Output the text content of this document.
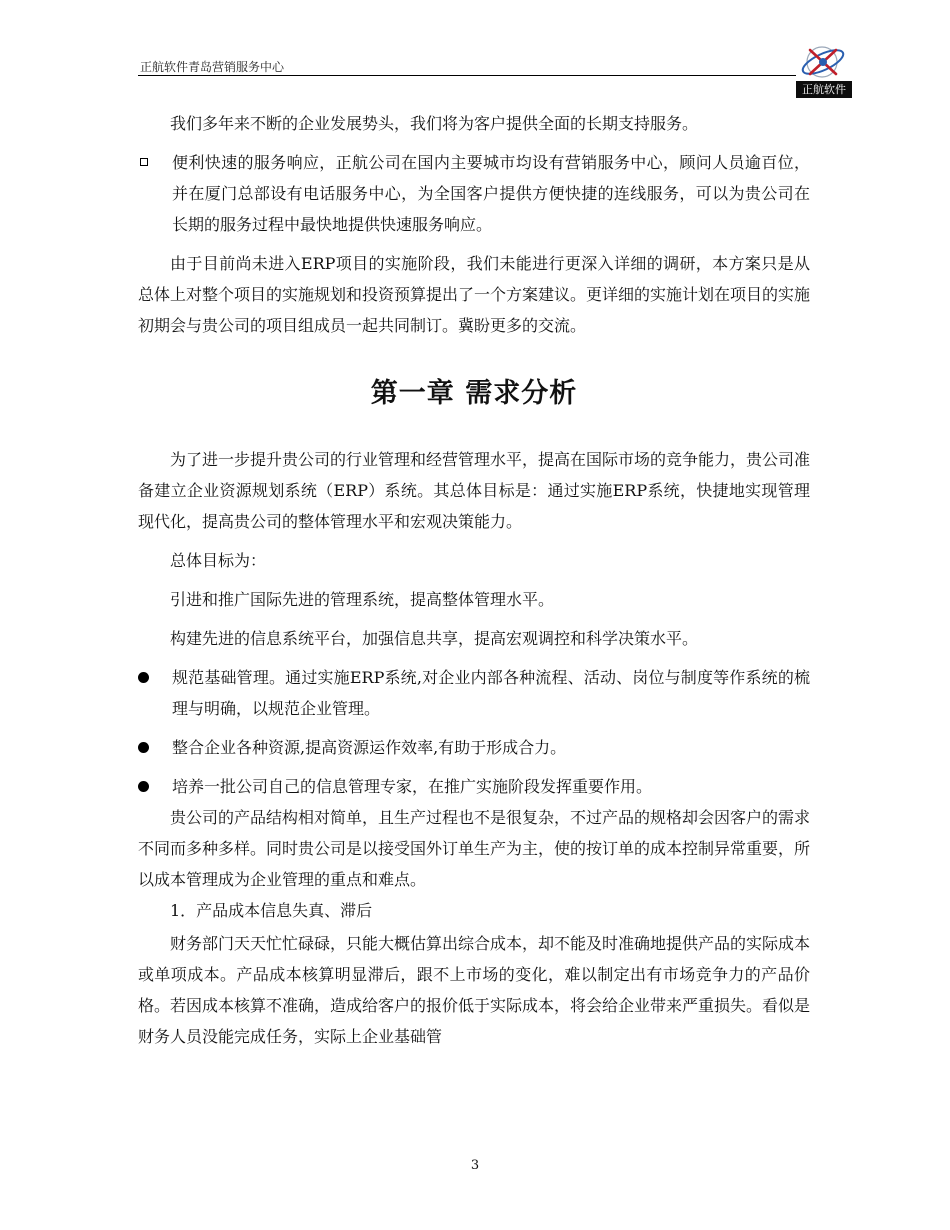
正航软件青岛营销服务中心
正航软件

我们多年来不断的企业发展势头，我们将为客户提供全面的长期支持服务。

便利快速的服务响应，正航公司在国内主要城市均设有营销服务中心，顾问人员逾百位，并在厦门总部设有电话服务中心，为全国客户提供方便快捷的连线服务，可以为贵公司在长期的服务过程中最快地提供快速服务响应。

由于目前尚未进入ERP项目的实施阶段，我们未能进行更深入详细的调研，本方案只是从总体上对整个项目的实施规划和投资预算提出了一个方案建议。更详细的实施计划在项目的实施初期会与贵公司的项目组成员一起共同制订。冀盼更多的交流。

第一章 需求分析

为了进一步提升贵公司的行业管理和经营管理水平，提高在国际市场的竞争能力，贵公司准备建立企业资源规划系统（ERP）系统。其总体目标是：通过实施ERP系统，快捷地实现管理现代化，提高贵公司的整体管理水平和宏观决策能力。

总体目标为：

引进和推广国际先进的管理系统，提高整体管理水平。

构建先进的信息系统平台，加强信息共享，提高宏观调控和科学决策水平。

规范基础管理。通过实施ERP系统,对企业内部各种流程、活动、岗位与制度等作系统的梳理与明确，以规范企业管理。

整合企业各种资源,提高资源运作效率,有助于形成合力。

培养一批公司自己的信息管理专家，在推广实施阶段发挥重要作用。

贵公司的产品结构相对简单，且生产过程也不是很复杂，不过产品的规格却会因客户的需求不同而多种多样。同时贵公司是以接受国外订单生产为主，使的按订单的成本控制异常重要，所以成本管理成为企业管理的重点和难点。

1．产品成本信息失真、滞后

财务部门天天忙忙碌碌，只能大概估算出综合成本，却不能及时准确地提供产品的实际成本或单项成本。产品成本核算明显滞后，跟不上市场的变化，难以制定出有市场竞争力的产品价格。若因成本核算不准确，造成给客户的报价低于实际成本，将会给企业带来严重损失。看似是财务人员没能完成任务，实际上企业基础管

3
